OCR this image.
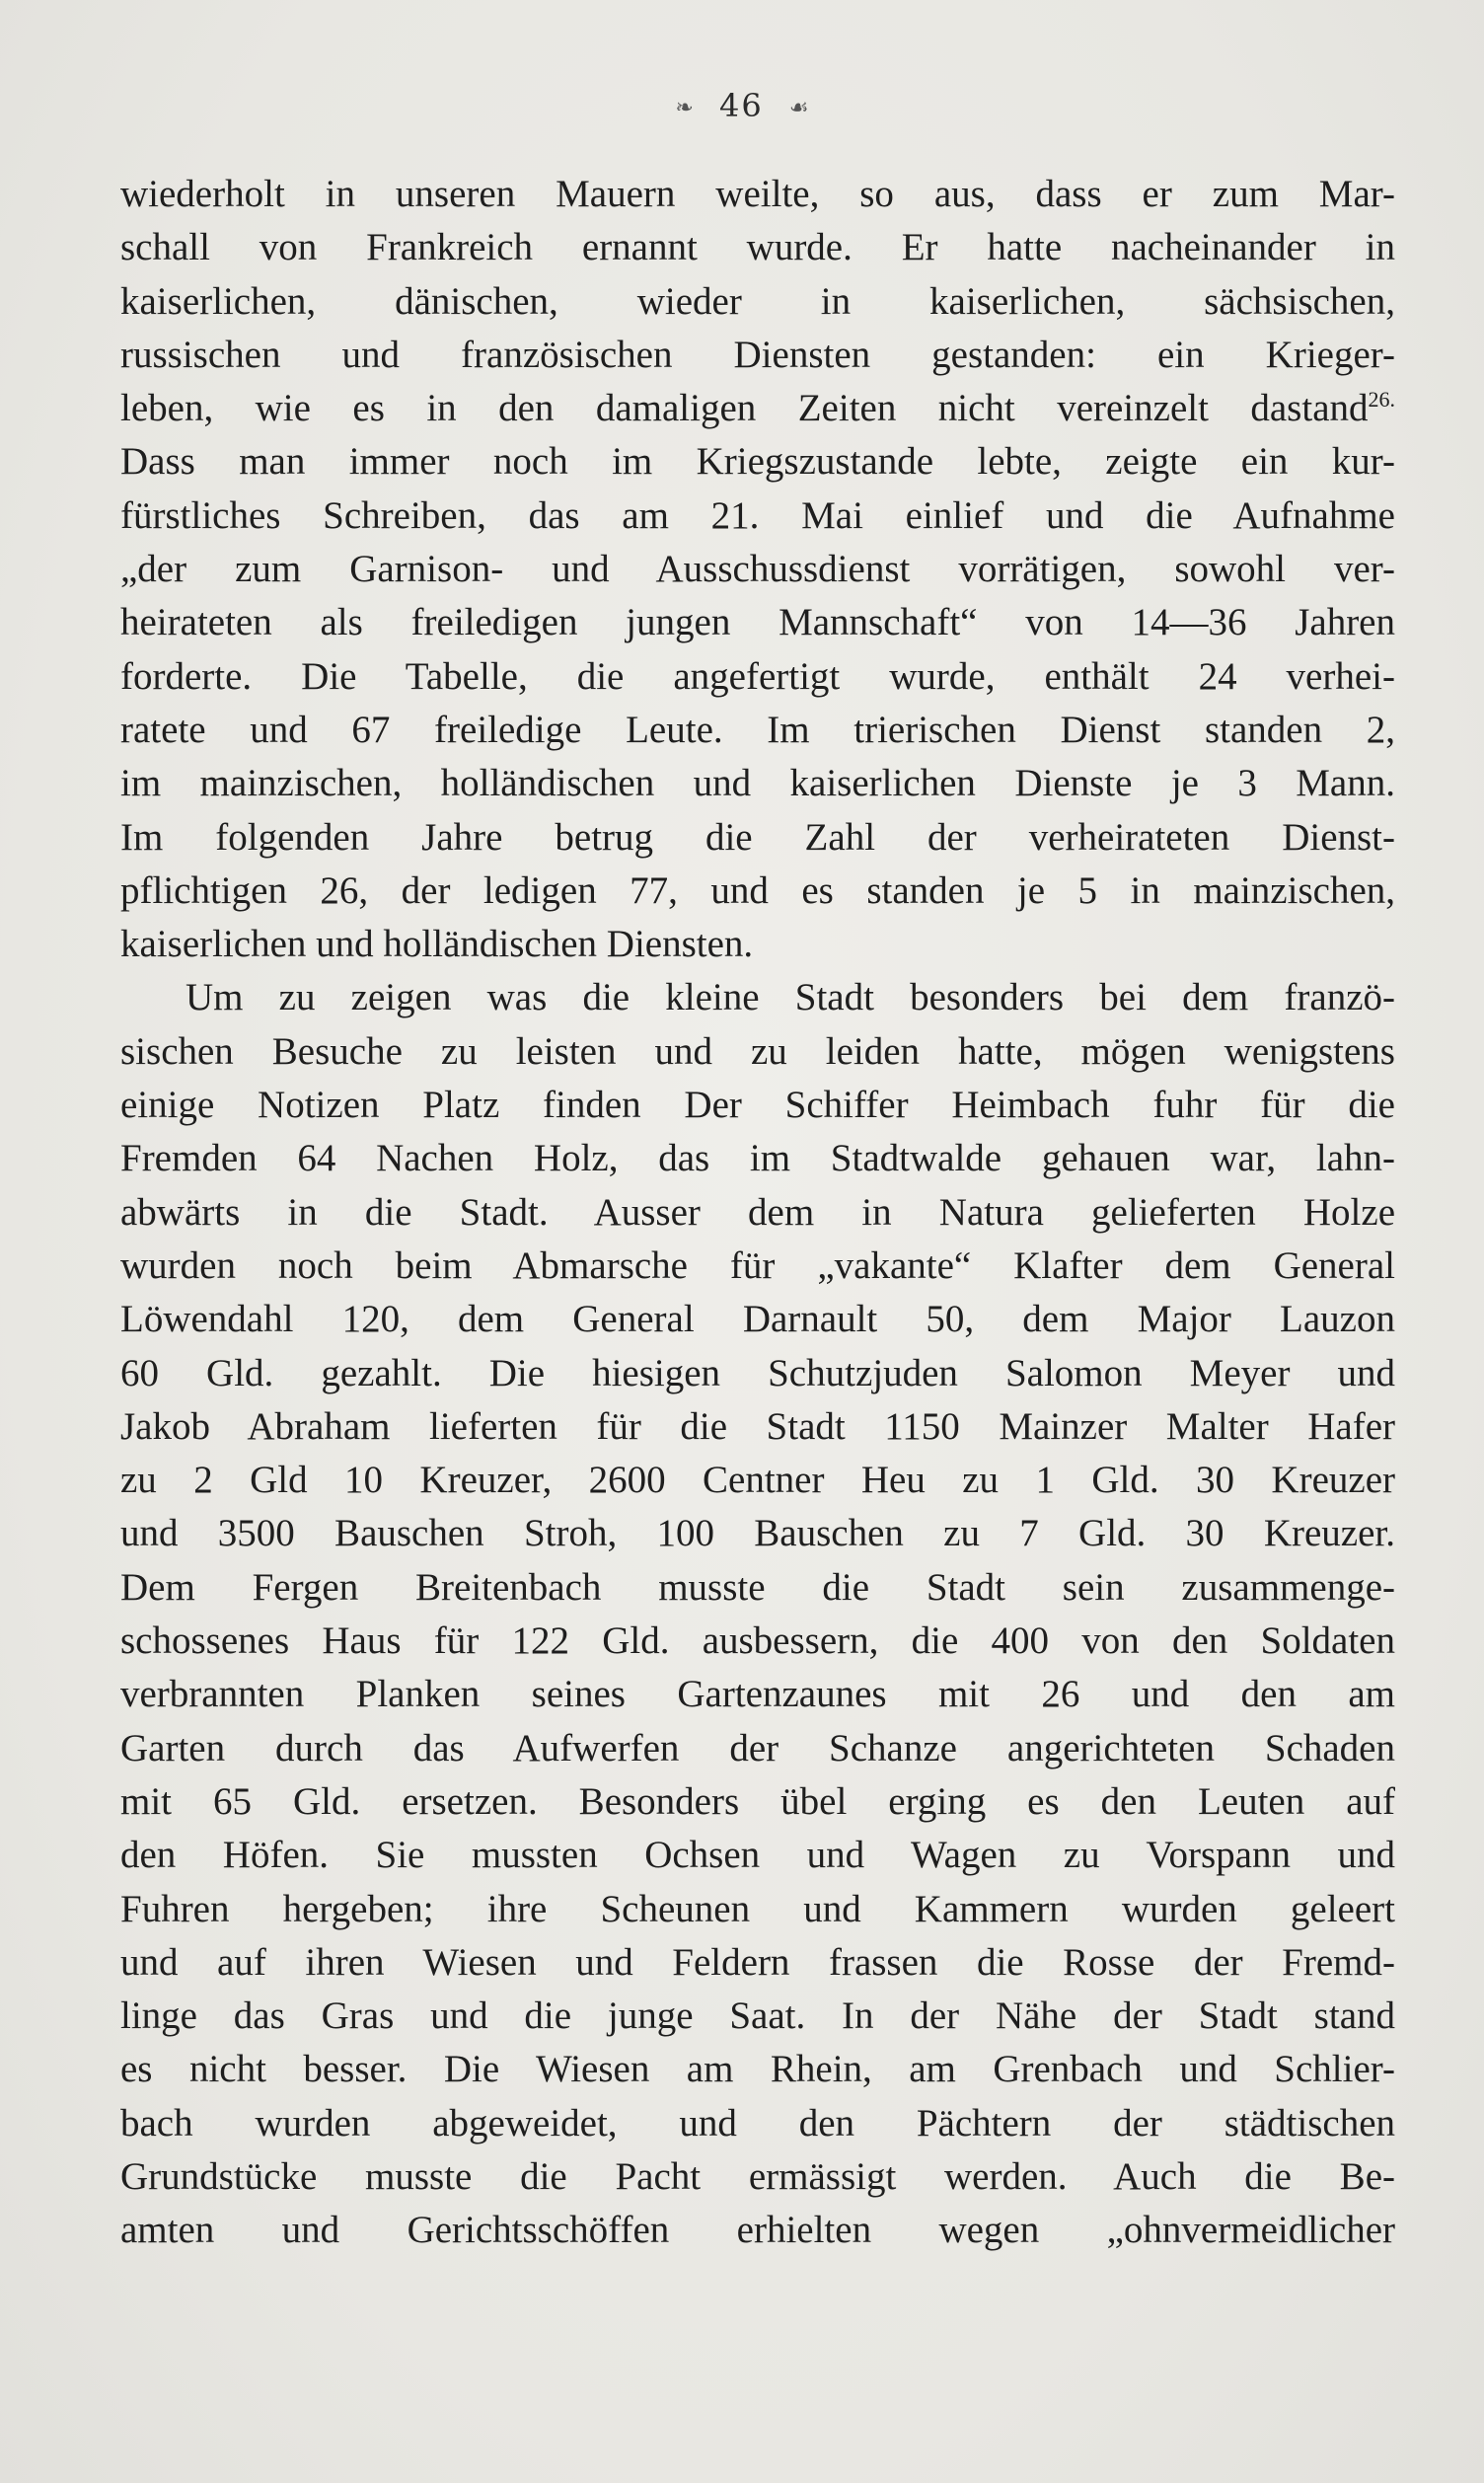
❧ 46 ☙
wiederholt in unseren Mauern weilte, so aus, dass er zum Mar-
schall von Frankreich ernannt wurde. Er hatte nacheinander in
kaiserlichen, dänischen, wieder in kaiserlichen, sächsischen,
russischen und französischen Diensten gestanden: ein Krieger-
leben, wie es in den damaligen Zeiten nicht vereinzelt dastand$^{26.}$
Dass man immer noch im Kriegszustande lebte, zeigte ein kur-
fürstliches Schreiben, das am 21. Mai einlief und die Aufnahme
„der zum Garnison- und Ausschussdienst vorrätigen, sowohl ver-
heirateten als freiledigen jungen Mannschaft“ von 14—36 Jahren
forderte. Die Tabelle, die angefertigt wurde, enthält 24 verhei-
ratete und 67 freiledige Leute. Im trierischen Dienst standen 2,
im mainzischen, holländischen und kaiserlichen Dienste je 3 Mann.
Im folgenden Jahre betrug die Zahl der verheirateten Dienst-
pflichtigen 26, der ledigen 77, und es standen je 5 in mainzischen,
kaiserlichen und holländischen Diensten.
Um zu zeigen was die kleine Stadt besonders bei dem franzö-
sischen Besuche zu leisten und zu leiden hatte, mögen wenigstens
einige Notizen Platz finden Der Schiffer Heimbach fuhr für die
Fremden 64 Nachen Holz, das im Stadtwalde gehauen war, lahn-
abwärts in die Stadt. Ausser dem in Natura gelieferten Holze
wurden noch beim Abmarsche für „vakante“ Klafter dem General
Löwendahl 120, dem General Darnault 50, dem Major Lauzon
60 Gld. gezahlt. Die hiesigen Schutzjuden Salomon Meyer und
Jakob Abraham lieferten für die Stadt 1150 Mainzer Malter Hafer
zu 2 Gld 10 Kreuzer, 2600 Centner Heu zu 1 Gld. 30 Kreuzer
und 3500 Bauschen Stroh, 100 Bauschen zu 7 Gld. 30 Kreuzer.
Dem Fergen Breitenbach musste die Stadt sein zusammenge-
schossenes Haus für 122 Gld. ausbessern, die 400 von den Soldaten
verbrannten Planken seines Gartenzaunes mit 26 und den am
Garten durch das Aufwerfen der Schanze angerichteten Schaden
mit 65 Gld. ersetzen. Besonders übel erging es den Leuten auf
den Höfen. Sie mussten Ochsen und Wagen zu Vorspann und
Fuhren hergeben; ihre Scheunen und Kammern wurden geleert
und auf ihren Wiesen und Feldern frassen die Rosse der Fremd-
linge das Gras und die junge Saat. In der Nähe der Stadt stand
es nicht besser. Die Wiesen am Rhein, am Grenbach und Schlier-
bach wurden abgeweidet, und den Pächtern der städtischen
Grundstücke musste die Pacht ermässigt werden. Auch die Be-
amten und Gerichtsschöffen erhielten wegen „ohnvermeidlicher
